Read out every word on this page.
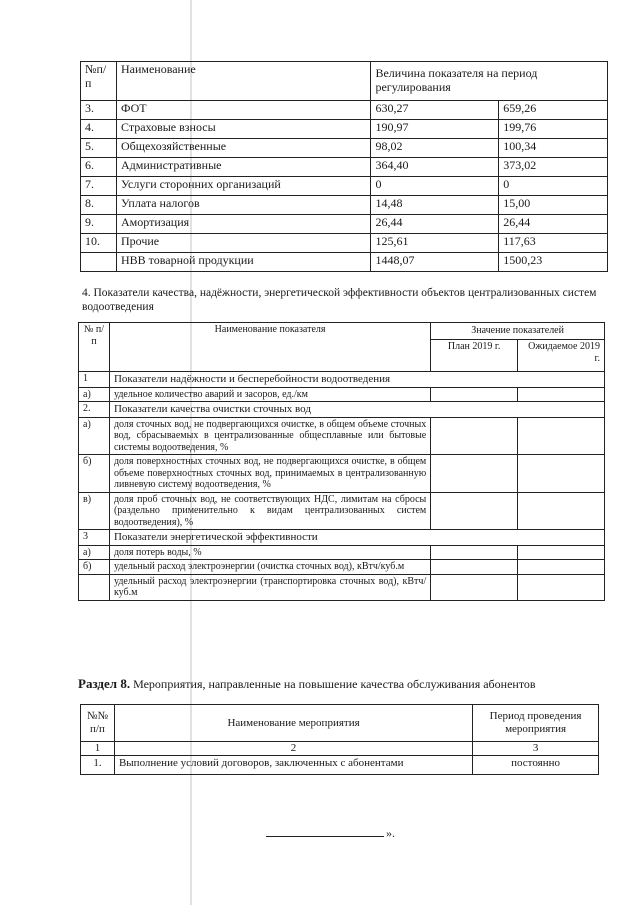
№п/п	Наименование	Величина показателя на период регулирования	
3.	ФОТ	630,27	659,26
4.	Страховые взносы	190,97	199,76
5.	Общехозяйственные	98,02	100,34
6.	Административные	364,40	373,02
7.	Услуги сторонних организаций	0	0
8.	Уплата налогов	14,48	15,00
9.	Амортизация	26,44	26,44
10.	Прочие	125,61	117,63
	НВВ товарной продукции	1448,07	1500,23
4. Показатели качества, надёжности, энергетической эффективности объектов централизованных систем водоотведения
№ п/п	Наименование показателя	Значение показателей	
		План 2019 г.	Ожидаемое 2019 г.
1	Показатели надёжности и бесперебойности водоотведения		
а)	удельное количество аварий и засоров, ед./км		
2.	Показатели качества очистки сточных вод		
а)	доля сточных вод, не подвергающихся очистке, в общем объеме сточных вод, сбрасываемых в централизованные общесплавные или бытовые системы водоотведения, %		
б)	доля поверхностных сточных вод, не подвергающихся очистке, в общем объеме поверхностных сточных вод, принимаемых в централизованную ливневую систему водоотведения, %		
в)	доля проб сточных вод, не соответствующих НДС, лимитам на сбросы (раздельно применительно к видам централизованных систем водоотведения), %		
3	Показатели энергетической эффективности		
а)	доля потерь воды, %		
б)	удельный расход электроэнергии (очистка сточных вод), кВтч/куб.м		
	удельный расход электроэнергии (транспортировка сточных вод), кВтч/куб.м		
Раздел 8. Мероприятия, направленные на повышение качества обслуживания абонентов
№№ п/п	Наименование мероприятия	Период проведения мероприятия
1	2	3
1.	Выполнение условий договоров, заключенных с абонентами	постоянно
».
